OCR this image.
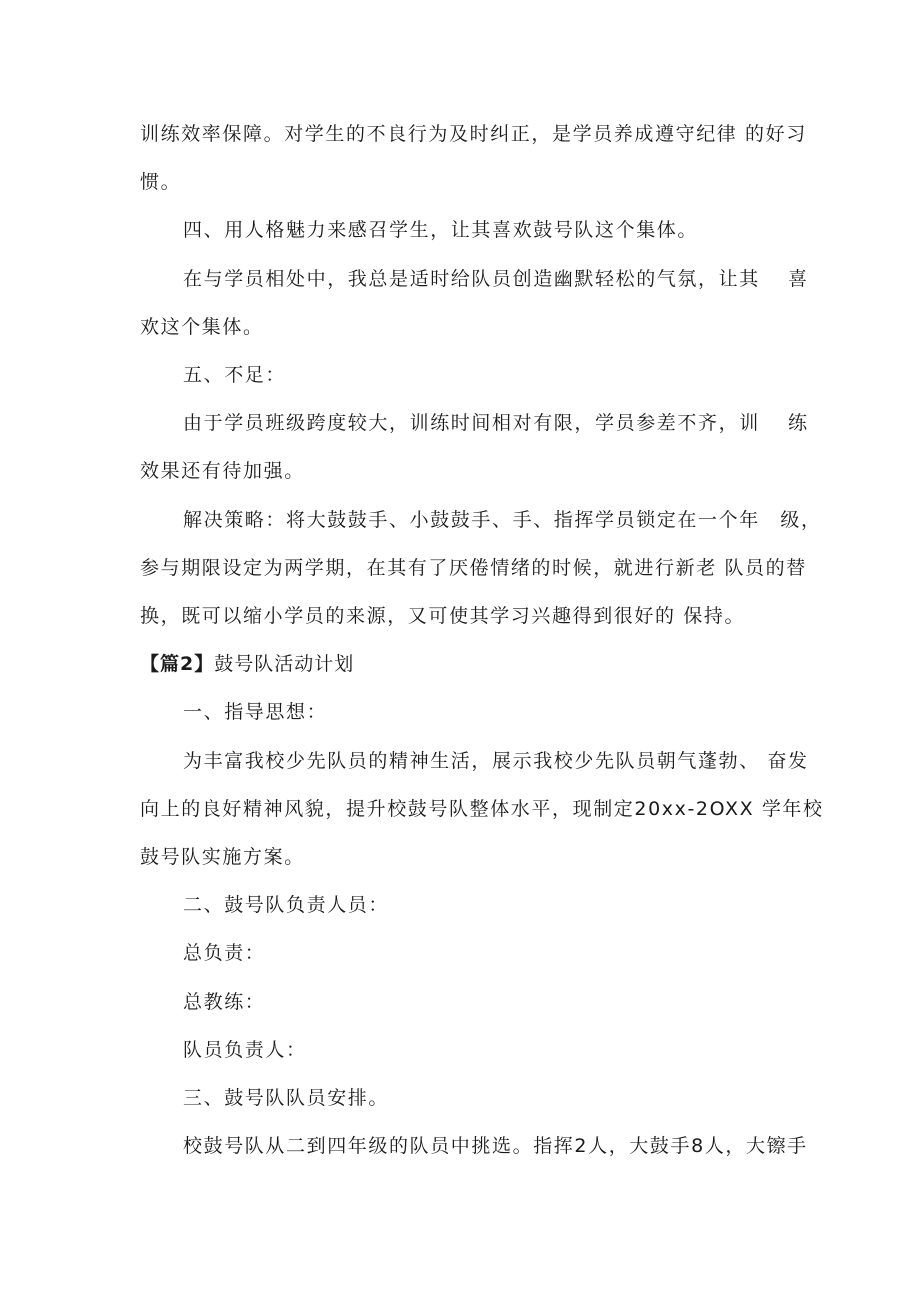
训练效率保障。对学生的不良行为及时纠正，是学员养成遵守纪律 的好习
惯。
四、用人格魅力来感召学生，让其喜欢鼓号队这个集体。
在与学员相处中，我总是适时给队员创造幽默轻松的气氛，让其　 喜
欢这个集体。
五、不足：
由于学员班级跨度较大，训练时间相对有限，学员参差不齐，训　 练
效果还有待加强。
解决策略：将大鼓鼓手、小鼓鼓手、手、指挥学员锁定在一个年　级，
参与期限设定为两学期，在其有了厌倦情绪的时候，就进行新老 队员的替
换，既可以缩小学员的来源，又可使其学习兴趣得到很好的 保持。
【篇2】鼓号队活动计划
一、指导思想：
为丰富我校少先队员的精神生活，展示我校少先队员朝气蓬勃、 奋发
向上的良好精神风貌，提升校鼓号队整体水平，现制定20xx-2OXX 学年校
鼓号队实施方案。
二、鼓号队负责人员：
总负责：
总教练：
队员负责人：
三、鼓号队队员安排。
校鼓号队从二到四年级的队员中挑选。指挥2人，大鼓手8人，大镲手
